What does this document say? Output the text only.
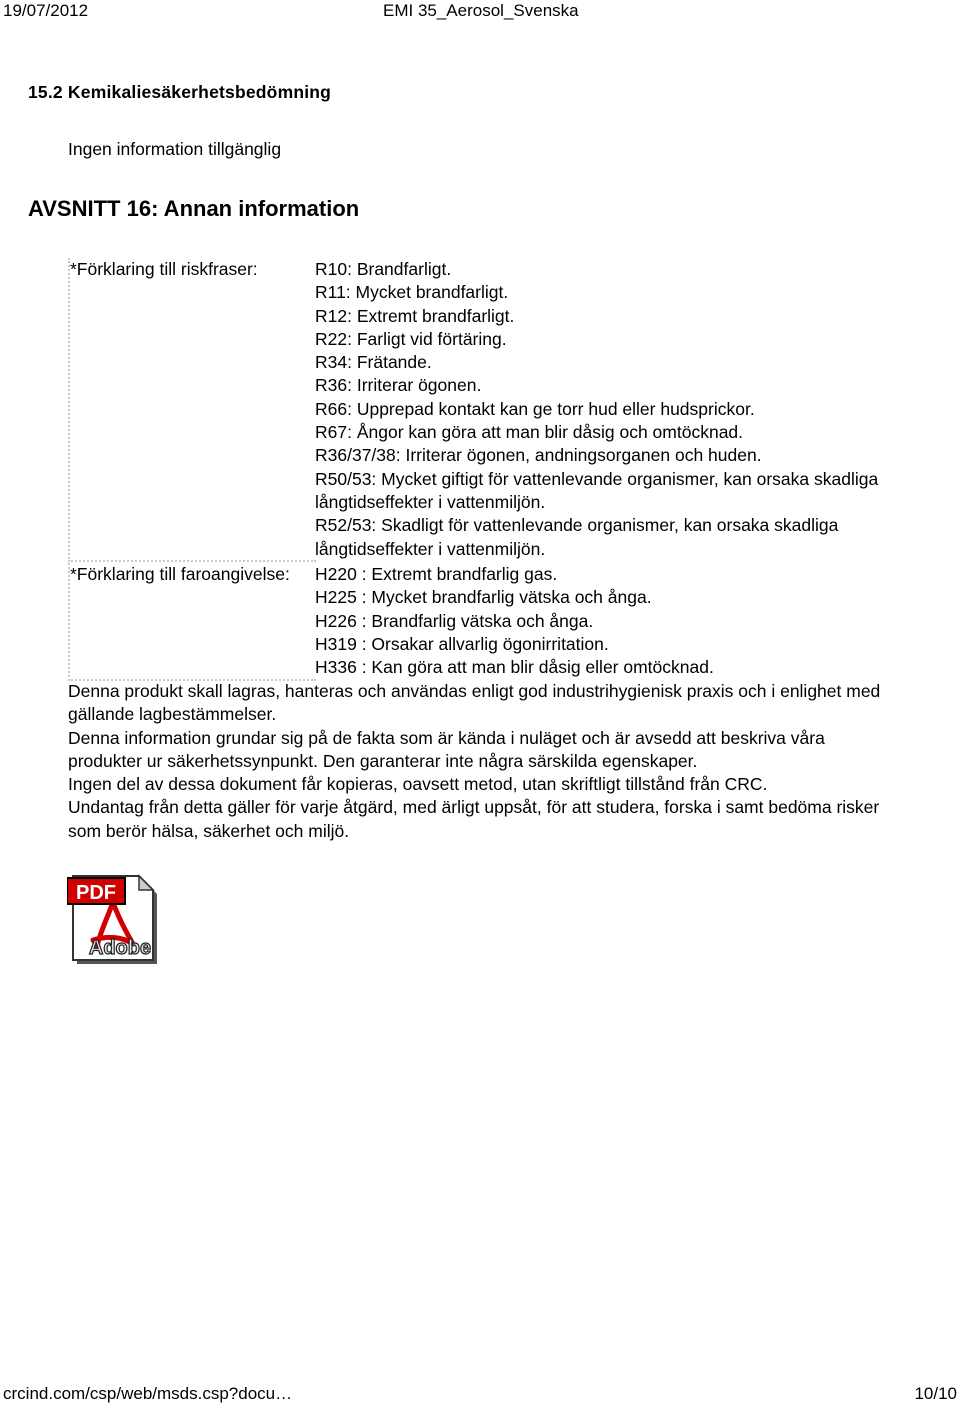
19/07/2012	EMI 35_Aerosol_Svenska
15.2 Kemikaliesäkerhetsbedömning
Ingen information tillgänglig
AVSNITT 16: Annan information
*Förklaring till riskfraser:	R10: Brandfarligt.
R11: Mycket brandfarligt.
R12: Extremt brandfarligt.
R22: Farligt vid förtäring.
R34: Frätande.
R36: Irriterar ögonen.
R66: Upprepad kontakt kan ge torr hud eller hudsprickor.
R67: Ångor kan göra att man blir dåsig och omtöcknad.
R36/37/38: Irriterar ögonen, andningsorganen och huden.
R50/53: Mycket giftigt för vattenlevande organismer, kan orsaka skadliga långtidseffekter i vattenmiljön.
R52/53: Skadligt för vattenlevande organismer, kan orsaka skadliga långtidseffekter i vattenmiljön.
*Förklaring till faroangivelse:	H220 : Extremt brandfarlig gas.
H225 : Mycket brandfarlig vätska och ånga.
H226 : Brandfarlig vätska och ånga.
H319 : Orsakar allvarlig ögonirritation.
H336 : Kan göra att man blir dåsig eller omtöcknad.

Denna produkt skall lagras, hanteras och användas enligt god industrihygienisk praxis och i enlighet med gällande lagbestämmelser.

Denna information grundar sig på de fakta som är kända i nuläget och är avsedd att beskriva våra produkter ur säkerhetssynpunkt. Den garanterar inte några särskilda egenskaper.

Ingen del av dessa dokument får kopieras, oavsett metod, utan skriftligt tillstånd från CRC.

Undantag från detta gäller för varje åtgärd, med ärligt uppsåt, för att studera, forska i samt bedöma risker som berör hälsa, säkerhet och miljö.

PDF
Adobe
crcind.com/csp/web/msds.csp?docu…	10/10
